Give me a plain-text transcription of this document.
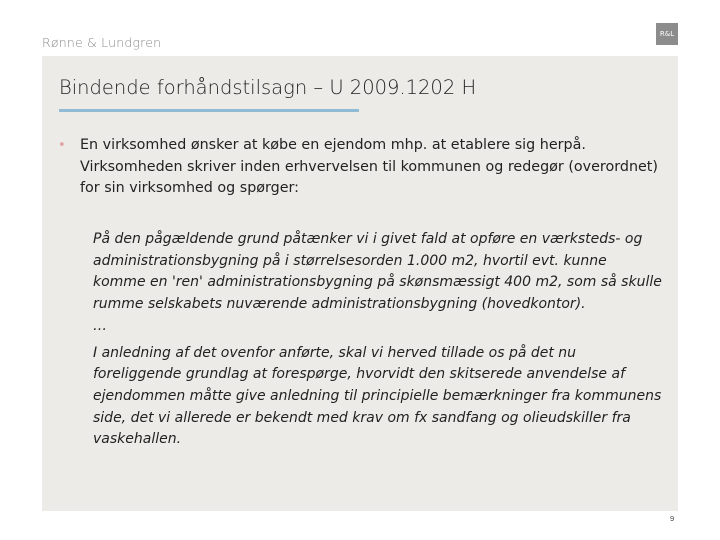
Rønne & Lundgren
R&L
Bindende forhåndstilsagn – U 2009.1202 H
• En virksomhed ønsker at købe en ejendom mhp. at etablere sig herpå. Virksomheden skriver inden erhvervelsen til kommunen og redegør (overordnet) for sin virksomhed og spørger:

På den pågældende grund påtænker vi i givet fald at opføre en værksteds- og administrationsbygning på i størrelsesorden 1.000 m2, hvortil evt. kunne komme en 'ren' administrationsbygning på skønsmæssigt 400 m2, som så skulle rumme selskabets nuværende administrationsbygning (hovedkontor).

…

I anledning af det ovenfor anførte, skal vi herved tillade os på det nu foreliggende grundlag at forespørge, hvorvidt den skitserede anvendelse af ejendommen måtte give anledning til principielle bemærkninger fra kommunens side, det vi allerede er bekendt med krav om fx sandfang og olieudskiller fra vaskehallen.

9
